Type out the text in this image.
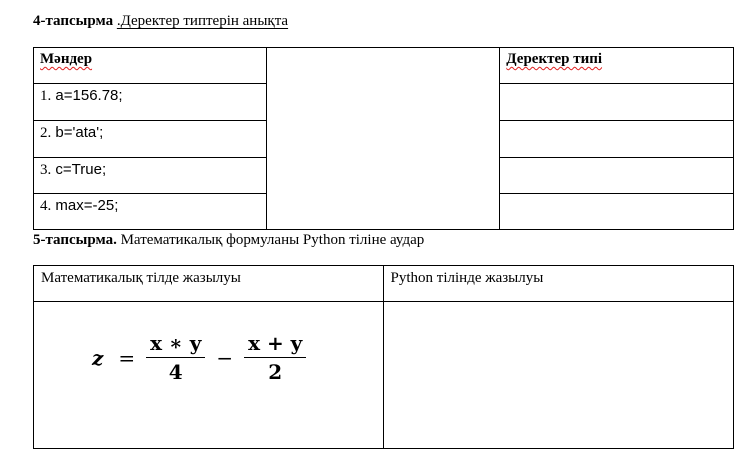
4-тапсырма .Деректер типтерін анықта
Мәндер		Деректер типі
1. a=156.78;		
2. b='ata';		
3. c=True;		
4. max=-25;		
5-тапсырма. Математикалық формуланы Python тіліне аудар
Математикалық тілде жазылуы	Python тілінде жазылуы

$z = \frac{x ∗ y}{4} - \frac{x + y}{2}$
